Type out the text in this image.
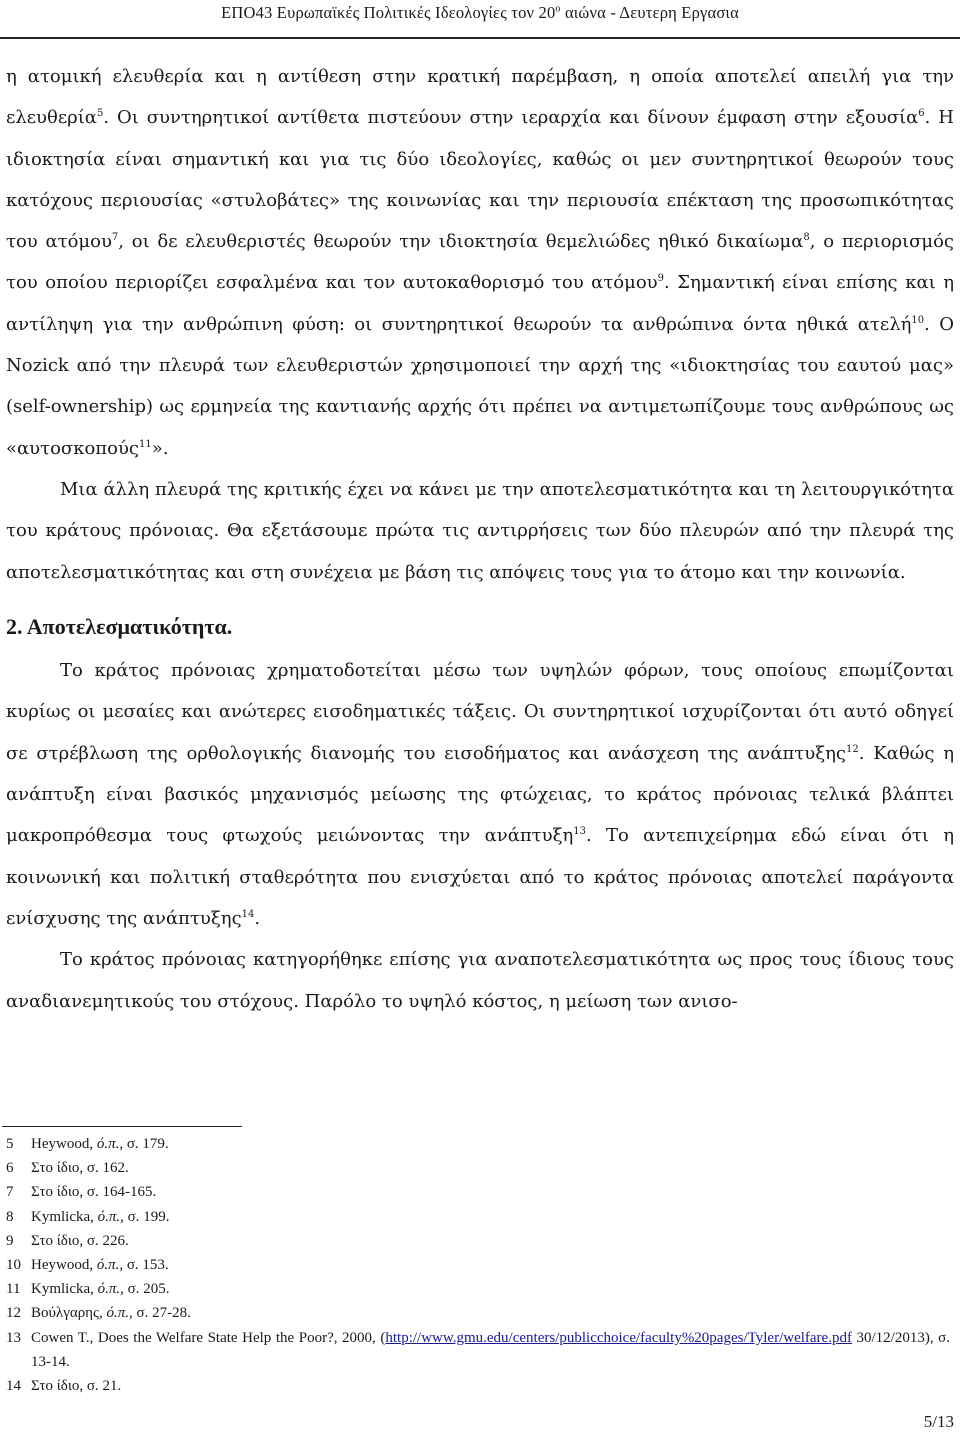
ΕΠΟ43 Ευρωπαϊκές Πολιτικές Ιδεολογίες τον $20^o$ αιώνα - Δευτερη Εργασια

η ατομική ελευθερία και η αντίθεση στην κρατική παρέμβαση, η οποία αποτελεί απειλή για την ελευθερία$^5$. Οι συντηρητικοί αντίθετα πιστεύουν στην ιεραρχία και δίνουν έμφαση στην εξουσία$^6$. Η ιδιοκτησία είναι σημαντική και για τις δύο ιδεολογίες, καθώς οι μεν συντηρητικοί θεωρούν τους κατόχους περιουσίας «στυλοβάτες» της κοινωνίας και την περιουσία επέκταση της προσωπικότητας του ατόμου$^7$, οι δε ελευθεριστές θεωρούν την ιδιοκτησία θεμελιώδες ηθικό δικαίωμα$^8$, ο περιορισμός του οποίου περιορίζει εσφαλμένα και τον αυτοκαθορισμό του ατόμου$^9$. Σημαντική είναι επίσης και η αντίληψη για την ανθρώπινη φύση: οι συντηρητικοί θεωρούν τα ανθρώπινα όντα ηθικά ατελή$^{10}$. Ο Nozick από την πλευρά των ελευθεριστών χρησιμοποιεί την αρχή της «ιδιοκτησίας του εαυτού μας» (self-ownership) ως ερμηνεία της καντιανής αρχής ότι πρέπει να αντιμετωπίζουμε τους ανθρώπους ως «αυτοσκοπούς$^{11}$».

Μια άλλη πλευρά της κριτικής έχει να κάνει με την αποτελεσματικότητα και τη λειτουργικότητα του κράτους πρόνοιας. Θα εξετάσουμε πρώτα τις αντιρρήσεις των δύο πλευρών από την πλευρά της αποτελεσματικότητας και στη συνέχεια με βάση τις απόψεις τους για το άτομο και την κοινωνία.

2. Αποτελεσματικότητα.

Το κράτος πρόνοιας χρηματοδοτείται μέσω των υψηλών φόρων, τους οποίους επωμίζονται κυρίως οι μεσαίες και ανώτερες εισοδηματικές τάξεις. Οι συντηρητικοί ισχυρίζονται ότι αυτό οδηγεί σε στρέβλωση της ορθολογικής διανομής του εισοδήματος και ανάσχεση της ανάπτυξης$^{12}$. Καθώς η ανάπτυξη είναι βασικός μηχανισμός μείωσης της φτώχειας, το κράτος πρόνοιας τελικά βλάπτει μακροπρόθεσμα τους φτωχούς μειώνοντας την ανάπτυξη$^{13}$. Το αντεπιχείρημα εδώ είναι ότι η κοινωνική και πολιτική σταθερότητα που ενισχύεται από το κράτος πρόνοιας αποτελεί παράγοντα ενίσχυσης της ανάπτυξης$^{14}$.

Το κράτος πρόνοιας κατηγορήθηκε επίσης για αναποτελεσματικότητα ως προς τους ίδιους τους αναδιανεμητικούς του στόχους. Παρόλο το υψηλό κόστος, η μείωση των ανισο-

5	Heywood, ό.π., σ. 179.
6	Στο ίδιο, σ. 162.
7	Στο ίδιο, σ. 164-165.
8	Kymlicka, ό.π., σ. 199.
9	Στο ίδιο, σ. 226.
10 Heywood, ό.π., σ. 153.
11 Kymlicka, ό.π., σ. 205.
12 Βούλγαρης, ό.π., σ. 27-28.
13 Cowen T., Does the Welfare State Help the Poor?, 2000, (http://www.gmu.edu/centers/publicchoice/faculty%20pages/Tyler/welfare.pdf 30/12/2013), σ. 13-14.
14 Στο ίδιο, σ. 21.
5/13
